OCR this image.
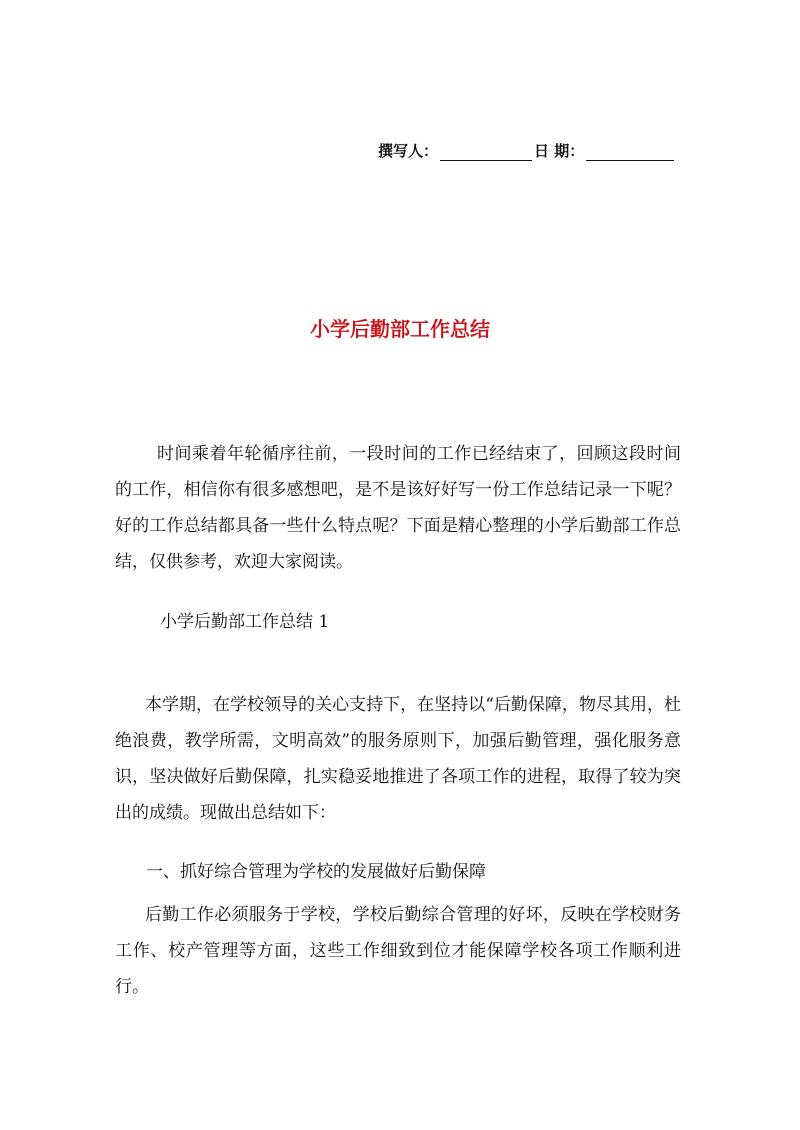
撰写人：	日 期：
小学后勤部工作总结

时间乘着年轮循序往前，一段时间的工作已经结束了，回顾这段时间的工作，相信你有很多感想吧，是不是该好好写一份工作总结记录一下呢？好的工作总结都具备一些什么特点呢？下面是精心整理的小学后勤部工作总结，仅供参考，欢迎大家阅读。

小学后勤部工作总结 1

本学期，在学校领导的关心支持下，在坚持以“后勤保障，物尽其用，杜绝浪费，教学所需，文明高效”的服务原则下，加强后勤管理，强化服务意识，坚决做好后勤保障，扎实稳妥地推进了各项工作的进程，取得了较为突出的成绩。现做出总结如下：

一、抓好综合管理为学校的发展做好后勤保障

后勤工作必须服务于学校，学校后勤综合管理的好坏，反映在学校财务工作、校产管理等方面，这些工作细致到位才能保障学校各项工作顺利进行。
